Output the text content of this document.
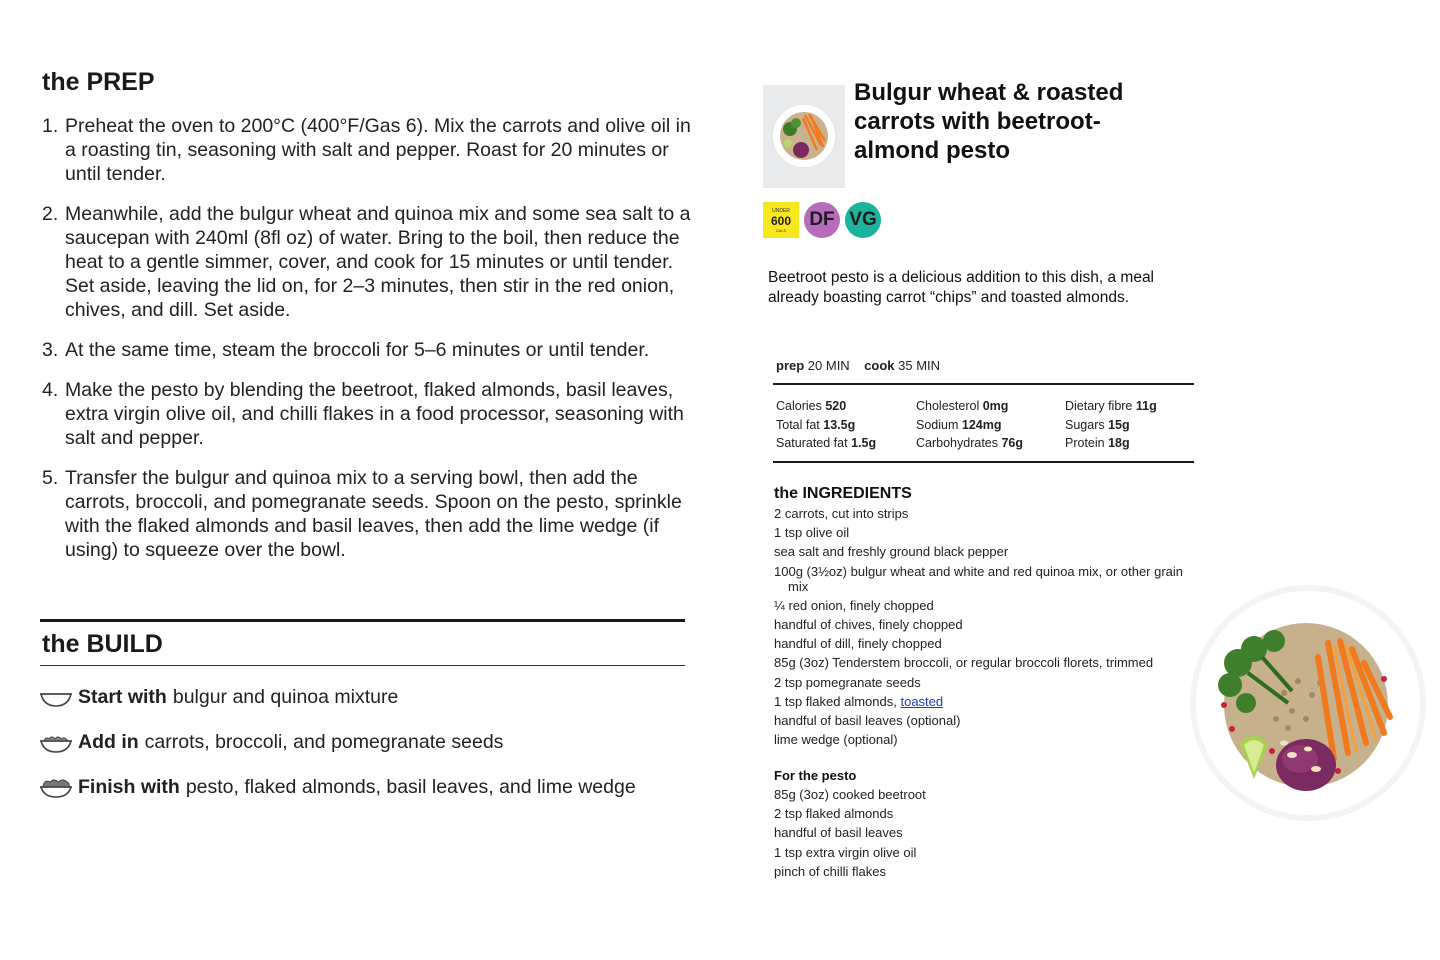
the PREP
1. Preheat the oven to 200°C (400°F/Gas 6). Mix the carrots and olive oil in a roasting tin, seasoning with salt and pepper. Roast for 20 minutes or until tender.
2. Meanwhile, add the bulgur wheat and quinoa mix and some sea salt to a saucepan with 240ml (8fl oz) of water. Bring to the boil, then reduce the heat to a gentle simmer, cover, and cook for 15 minutes or until tender. Set aside, leaving the lid on, for 2–3 minutes, then stir in the red onion, chives, and dill. Set aside.
3. At the same time, steam the broccoli for 5–6 minutes or until tender.
4. Make the pesto by blending the beetroot, flaked almonds, basil leaves, extra virgin olive oil, and chilli flakes in a food processor, seasoning with salt and pepper.
5. Transfer the bulgur and quinoa mix to a serving bowl, then add the carrots, broccoli, and pomegranate seeds. Spoon on the pesto, sprinkle with the flaked almonds and basil leaves, then add the lime wedge (if using) to squeeze over the bowl.
the BUILD
Start with bulgur and quinoa mixture
Add in carrots, broccoli, and pomegranate seeds
Finish with pesto, flaked almonds, basil leaves, and lime wedge
Bulgur wheat & roasted carrots with beetroot-almond pesto
UNDER
600
CALS
DF VG
Beetroot pesto is a delicious addition to this dish, a meal already boasting carrot “chips” and toasted almonds.
prep 20 MIN cook 35 MIN
Calories 520
Total fat 13.5g
Saturated fat 1.5g
Cholesterol 0mg
Sodium 124mg
Carbohydrates 76g
Dietary fibre 11g
Sugars 15g
Protein 18g
the INGREDIENTS
2 carrots, cut into strips
1 tsp olive oil
sea salt and freshly ground black pepper
100g (3½oz) bulgur wheat and white and red quinoa mix, or other grain mix
¼ red onion, finely chopped
handful of chives, finely chopped
handful of dill, finely chopped
85g (3oz) Tenderstem broccoli, or regular broccoli florets, trimmed
2 tsp pomegranate seeds
1 tsp flaked almonds, toasted
handful of basil leaves (optional)
lime wedge (optional)
For the pesto
85g (3oz) cooked beetroot
2 tsp flaked almonds
handful of basil leaves
1 tsp extra virgin olive oil
pinch of chilli flakes
